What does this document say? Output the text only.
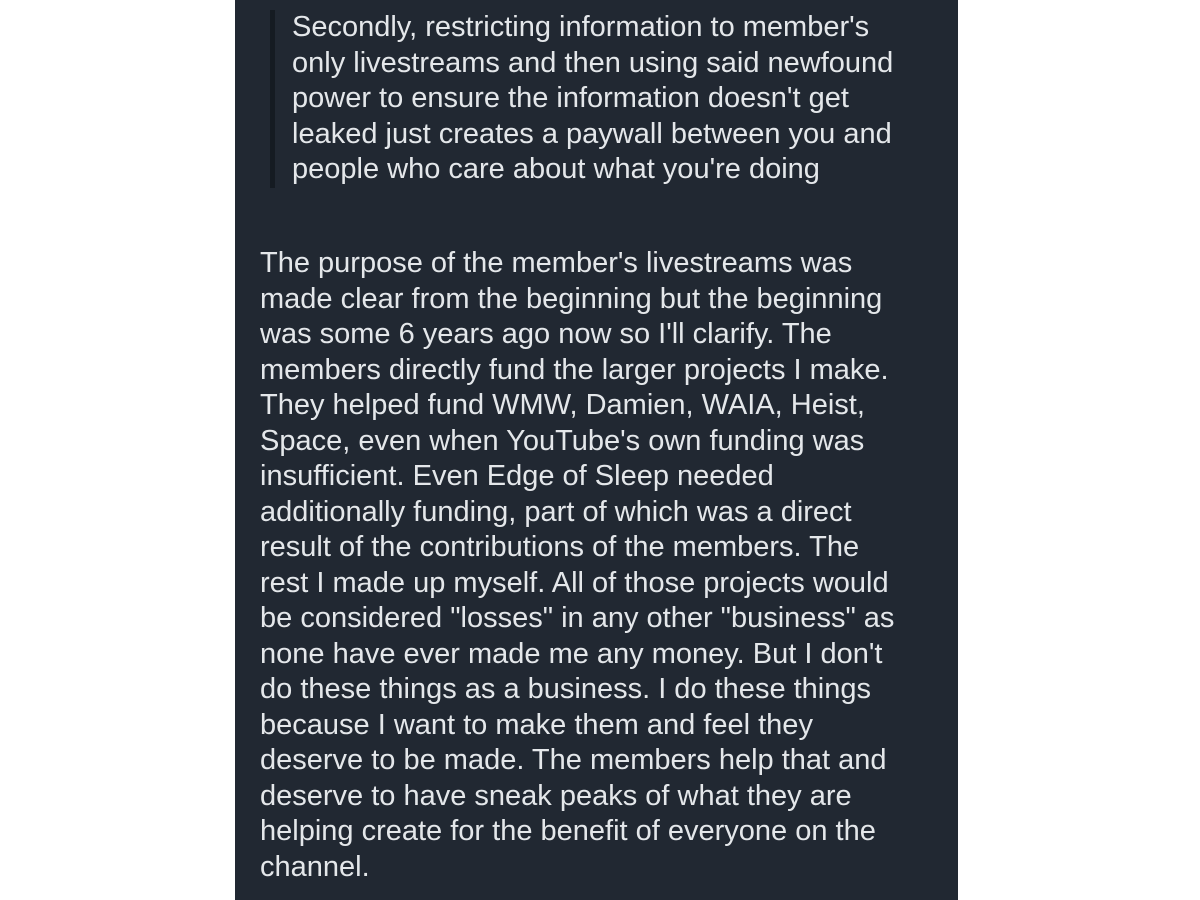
Secondly, restricting information to member's
only livestreams and then using said newfound
power to ensure the information doesn't get
leaked just creates a paywall between you and
people who care about what you're doing

The purpose of the member's livestreams was
made clear from the beginning but the beginning
was some 6 years ago now so I'll clarify. The
members directly fund the larger projects I make.
They helped fund WMW, Damien, WAIA, Heist,
Space, even when YouTube's own funding was
insufficient. Even Edge of Sleep needed
additionally funding, part of which was a direct
result of the contributions of the members. The
rest I made up myself. All of those projects would
be considered "losses" in any other "business" as
none have ever made me any money. But I don't
do these things as a business. I do these things
because I want to make them and feel they
deserve to be made. The members help that and
deserve to have sneak peaks of what they are
helping create for the benefit of everyone on the
channel.
